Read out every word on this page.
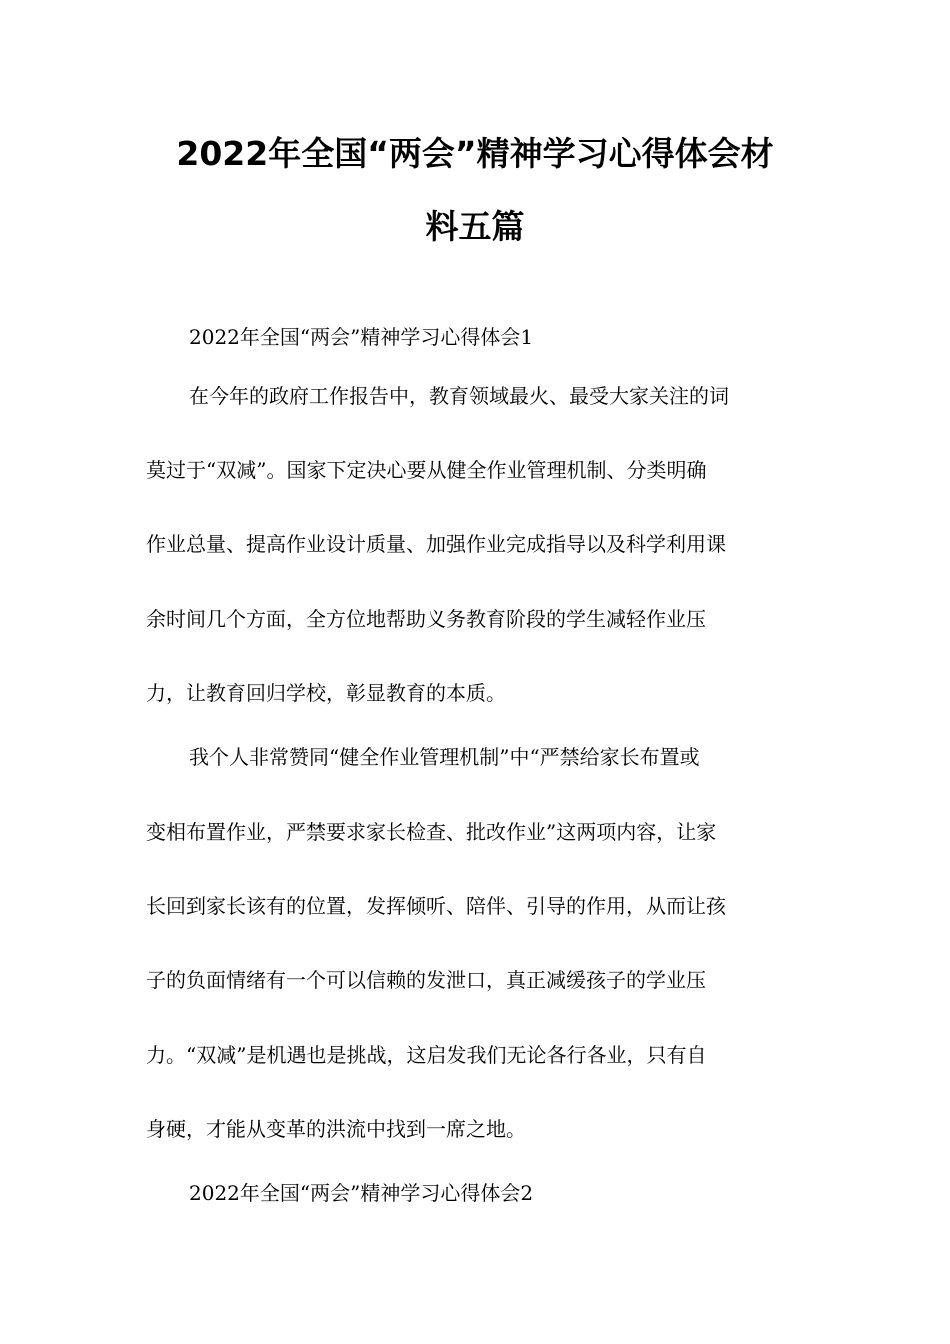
2022年全国“两会”精神学习心得体会材
料五篇
2022年全国“两会”精神学习心得体会1
在今年的政府工作报告中，教育领域最火、最受大家关注的词
莫过于“双减”。国家下定决心要从健全作业管理机制、分类明确
作业总量、提高作业设计质量、加强作业完成指导以及科学利用课
余时间几个方面，全方位地帮助义务教育阶段的学生减轻作业压
力，让教育回归学校，彰显教育的本质。
我个人非常赞同“健全作业管理机制”中“严禁给家长布置或
变相布置作业，严禁要求家长检查、批改作业”这两项内容，让家
长回到家长该有的位置，发挥倾听、陪伴、引导的作用，从而让孩
子的负面情绪有一个可以信赖的发泄口，真正减缓孩子的学业压
力。“双减”是机遇也是挑战，这启发我们无论各行各业，只有自
身硬，才能从变革的洪流中找到一席之地。
2022年全国“两会”精神学习心得体会2
